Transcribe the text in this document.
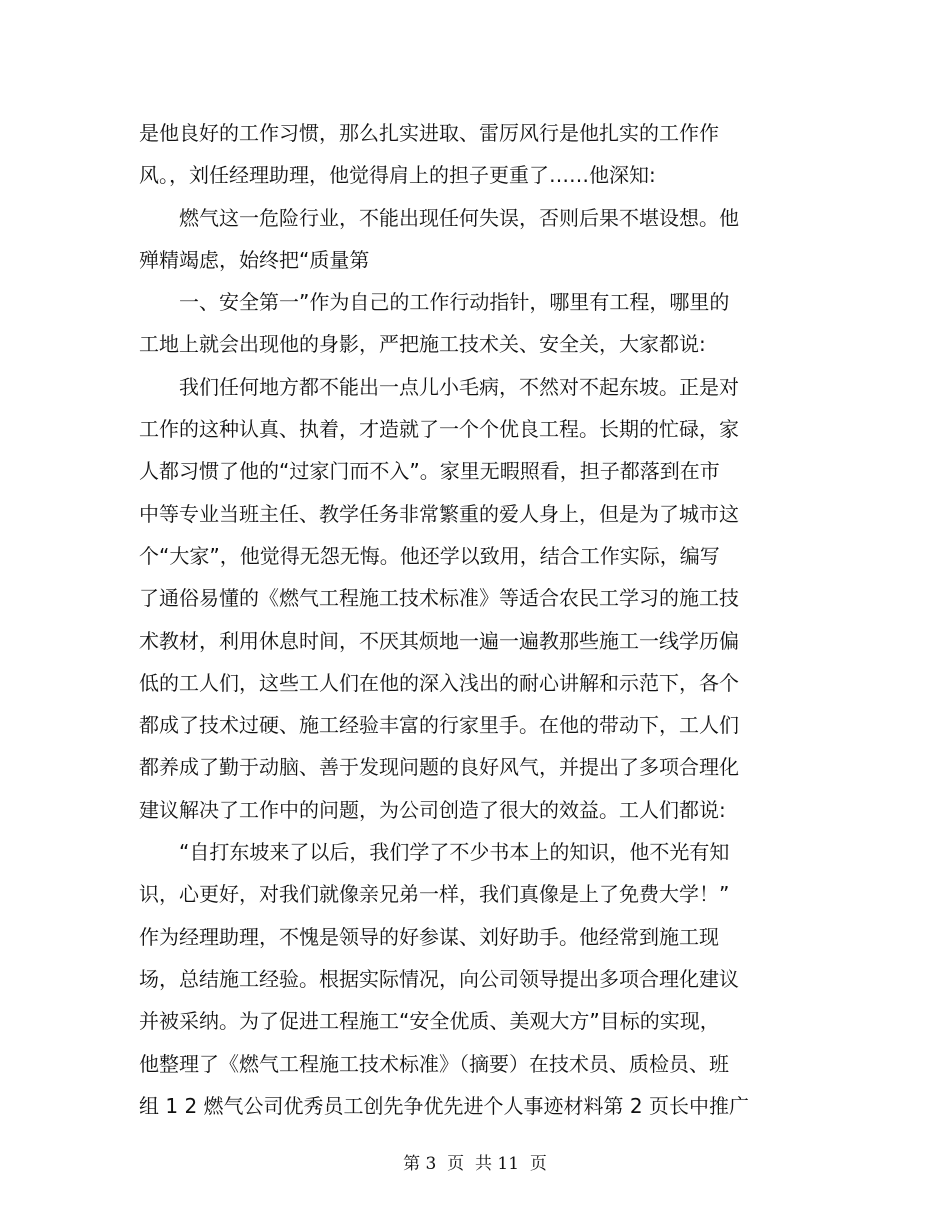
是他良好的工作习惯，那么扎实进取、雷厉风行是他扎实的工作作
风。，刘任经理助理，他觉得肩上的担子更重了……他深知:
　　燃气这一危险行业，不能出现任何失误，否则后果不堪设想。他
殚精竭虑，始终把“质量第
　　一、安全第一”作为自己的工作行动指针，哪里有工程，哪里的
工地上就会出现他的身影，严把施工技术关、安全关，大家都说:
　　我们任何地方都不能出一点儿小毛病，不然对不起东坡。正是对
工作的这种认真、执着，才造就了一个个优良工程。长期的忙碌，家
人都习惯了他的“过家门而不入”。家里无暇照看，担子都落到在市
中等专业当班主任、教学任务非常繁重的爱人身上，但是为了城市这
个“大家”，他觉得无怨无悔。他还学以致用，结合工作实际，编写
了通俗易懂的《燃气工程施工技术标准》等适合农民工学习的施工技
术教材，利用休息时间，不厌其烦地一遍一遍教那些施工一线学历偏
低的工人们，这些工人们在他的深入浅出的耐心讲解和示范下，各个
都成了技术过硬、施工经验丰富的行家里手。在他的带动下，工人们
都养成了勤于动脑、善于发现问题的良好风气，并提出了多项合理化
建议解决了工作中的问题，为公司创造了很大的效益。工人们都说:
　　“自打东坡来了以后，我们学了不少书本上的知识，他不光有知
识，心更好，对我们就像亲兄弟一样，我们真像是上了免费大学！”
作为经理助理，不愧是领导的好参谋、刘好助手。他经常到施工现
场，总结施工经验。根据实际情况，向公司领导提出多项合理化建议
并被采纳。为了促进工程施工“安全优质、美观大方”目标的实现，
他整理了《燃气工程施工技术标准》（摘要）在技术员、质检员、班
组 1 2 燃气公司优秀员工创先争优先进个人事迹材料第 2 页长中推广
第 3  页  共 11  页
